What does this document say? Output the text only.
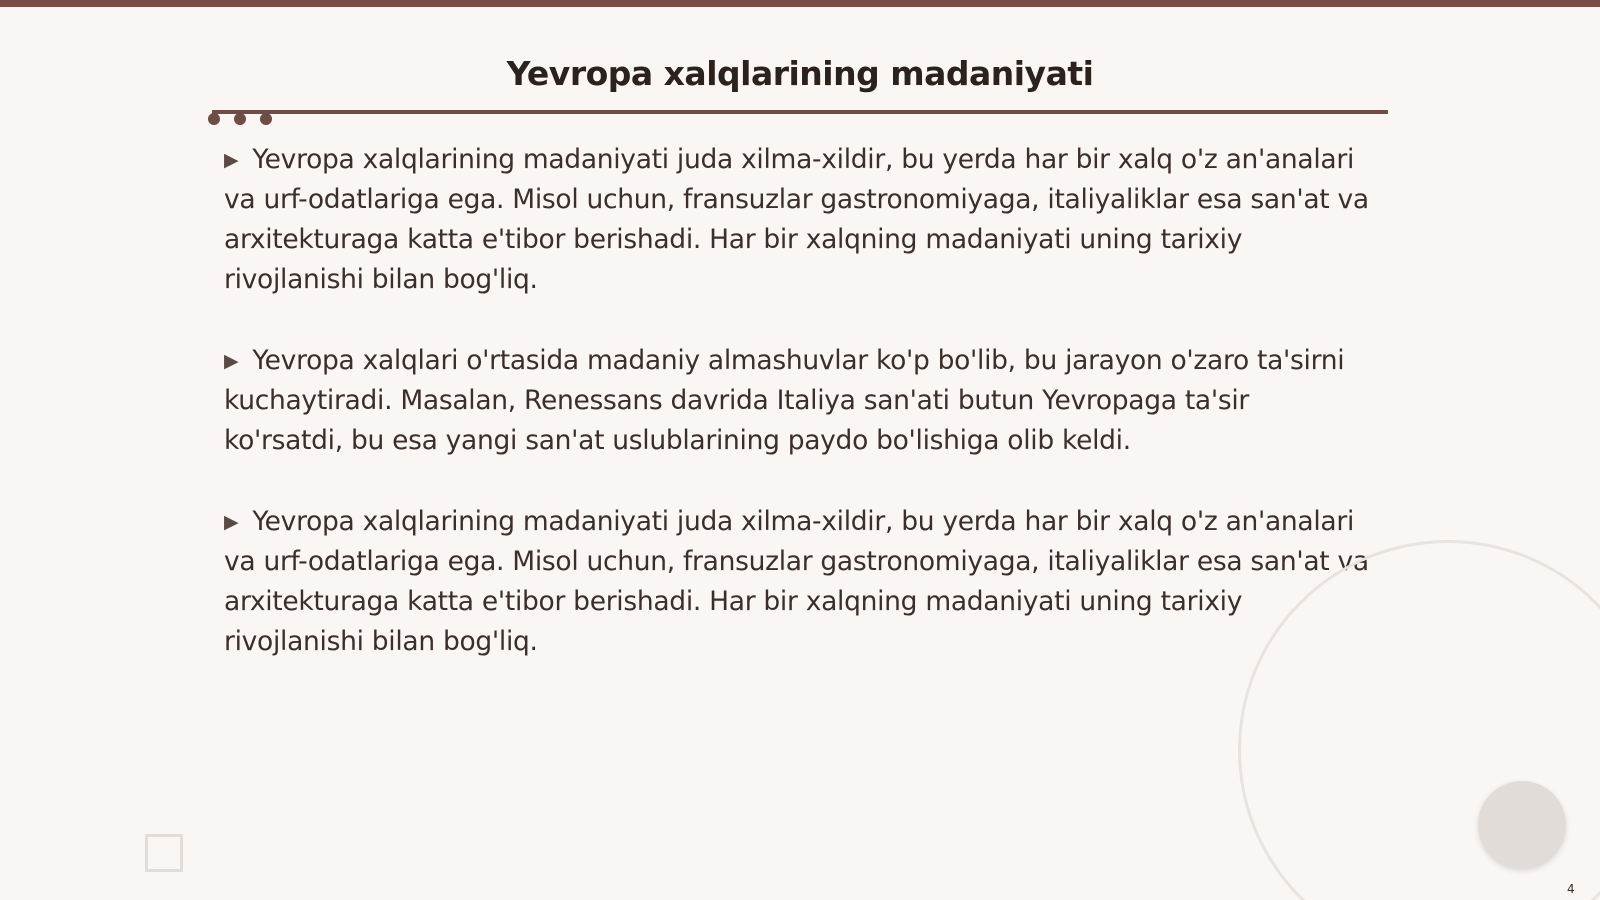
Yevropa xalqlarining madaniyati

▶ Yevropa xalqlarining madaniyati juda xilma-xildir, bu yerda har bir xalq o'z an'analari va urf-odatlariga ega. Misol uchun, fransuzlar gastronomiyaga, italiyaliklar esa san'at va arxitekturaga katta e'tibor berishadi. Har bir xalqning madaniyati uning tarixiy rivojlanishi bilan bog'liq.

▶ Yevropa xalqlari o'rtasida madaniy almashuvlar ko'p bo'lib, bu jarayon o'zaro ta'sirni kuchaytiradi. Masalan, Renessans davrida Italiya san'ati butun Yevropaga ta'sir ko'rsatdi, bu esa yangi san'at uslublarining paydo bo'lishiga olib keldi.

▶ Yevropa xalqlarining madaniyati juda xilma-xildir, bu yerda har bir xalq o'z an'analari va urf-odatlariga ega. Misol uchun, fransuzlar gastronomiyaga, italiyaliklar esa san'at va arxitekturaga katta e'tibor berishadi. Har bir xalqning madaniyati uning tarixiy rivojlanishi bilan bog'liq.

4
